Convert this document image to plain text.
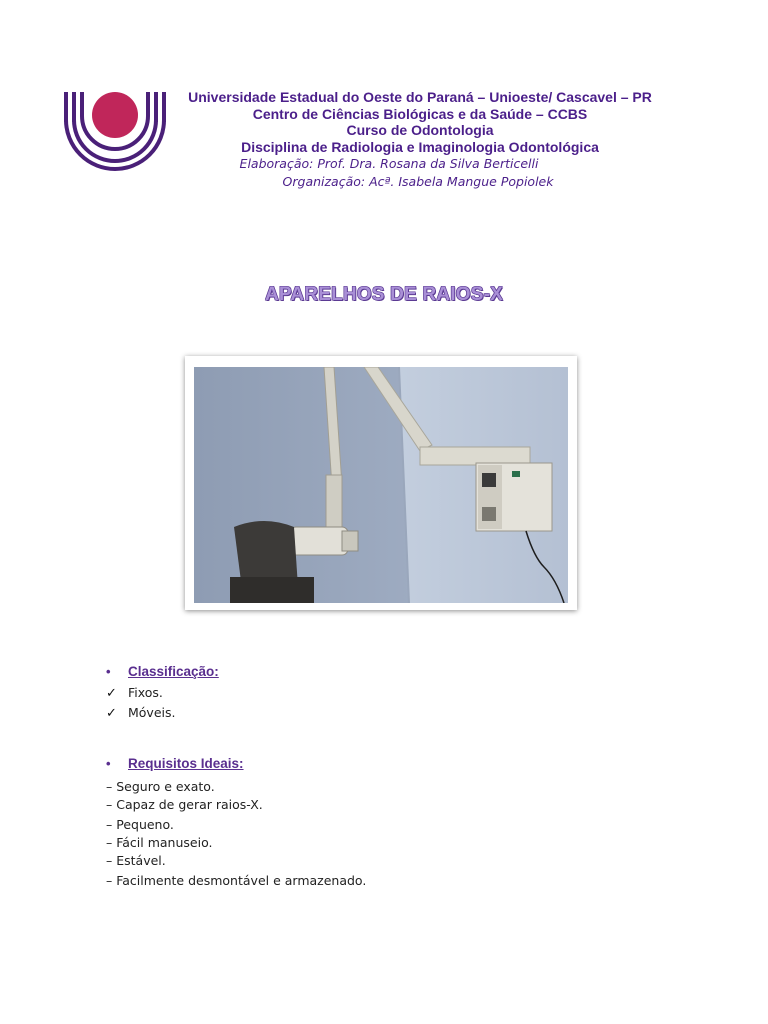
Universidade Estadual do Oeste do Paraná – Unioeste/ Cascavel – PR
Centro de Ciências Biológicas e da Saúde – CCBS
Curso de Odontologia
Disciplina de Radiologia e Imaginologia Odontológica
Elaboração: Prof. Dra. Rosana da Silva Berticelli
Organização: Acª. Isabela Mangue Popiolek
APARELHOS DE RAIOS-X
• Classificação:
✓ Fixos.
✓ Móveis.
• Requisitos Ideais:
– Seguro e exato.
– Capaz de gerar raios-X.
– Pequeno.
– Fácil manuseio.
– Estável.
– Facilmente desmontável e armazenado.
